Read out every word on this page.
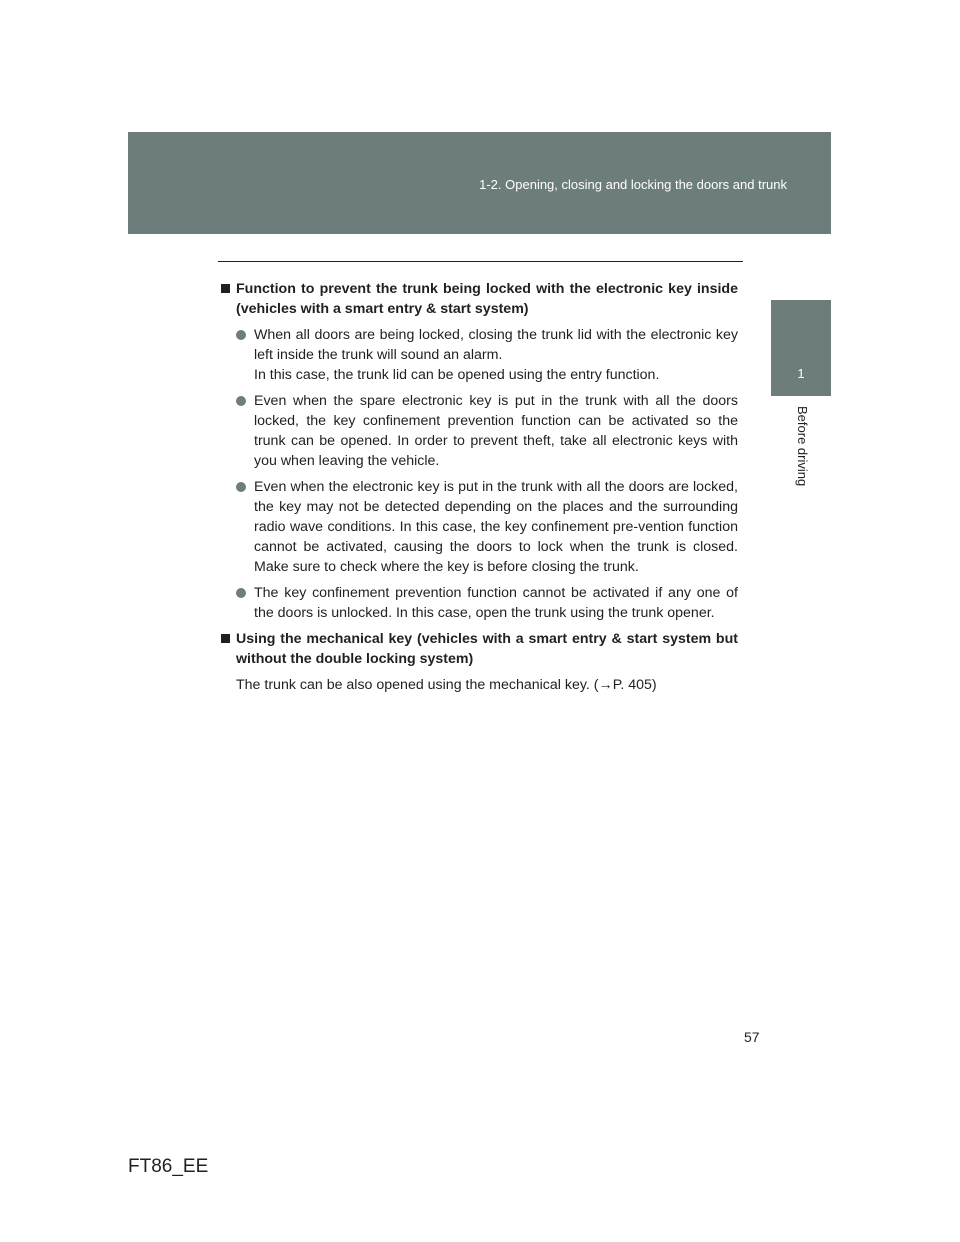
1-2. Opening, closing and locking the doors and trunk
1
Before driving
Function to prevent the trunk being locked with the electronic key inside (vehicles with a smart entry & start system)
When all doors are being locked, closing the trunk lid with the electronic key left inside the trunk will sound an alarm.
In this case, the trunk lid can be opened using the entry function.
Even when the spare electronic key is put in the trunk with all the doors locked, the key confinement prevention function can be activated so the trunk can be opened. In order to prevent theft, take all electronic keys with you when leaving the vehicle.
Even when the electronic key is put in the trunk with all the doors are locked, the key may not be detected depending on the places and the surrounding radio wave conditions. In this case, the key confinement pre-vention function cannot be activated, causing the doors to lock when the trunk is closed. Make sure to check where the key is before closing the trunk.
The key confinement prevention function cannot be activated if any one of the doors is unlocked. In this case, open the trunk using the trunk opener.
Using the mechanical key (vehicles with a smart entry & start system but without the double locking system)

The trunk can be also opened using the mechanical key. (→P. 405)

57
FT86_EE
